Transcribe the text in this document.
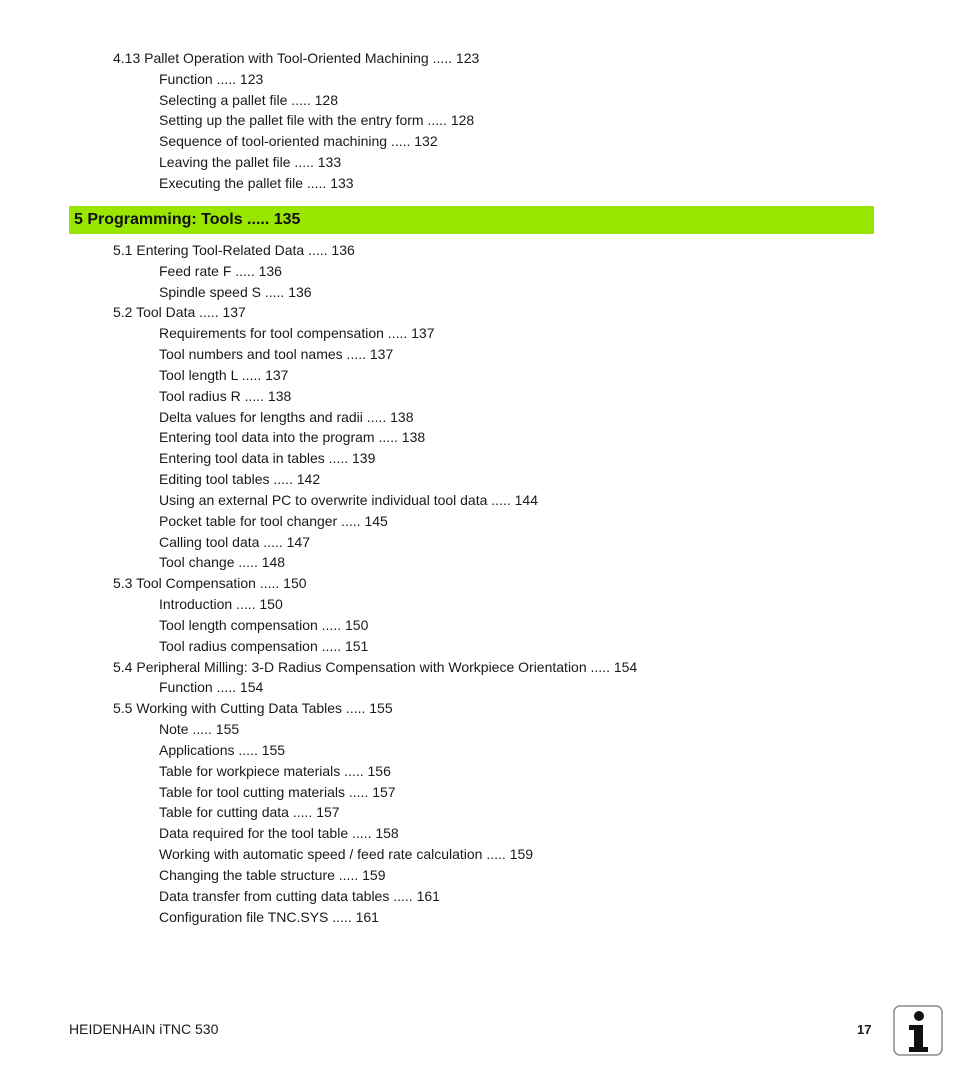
4.13 Pallet Operation with Tool-Oriented Machining ..... 123
Function ..... 123
Selecting a pallet file ..... 128
Setting up the pallet file with the entry form ..... 128
Sequence of tool-oriented machining ..... 132
Leaving the pallet file ..... 133
Executing the pallet file ..... 133
5 Programming: Tools ..... 135
5.1 Entering Tool-Related Data ..... 136
Feed rate F ..... 136
Spindle speed S ..... 136
5.2 Tool Data ..... 137
Requirements for tool compensation ..... 137
Tool numbers and tool names ..... 137
Tool length L ..... 137
Tool radius R ..... 138
Delta values for lengths and radii ..... 138
Entering tool data into the program ..... 138
Entering tool data in tables ..... 139
Editing tool tables ..... 142
Using an external PC to overwrite individual tool data ..... 144
Pocket table for tool changer ..... 145
Calling tool data ..... 147
Tool change ..... 148
5.3 Tool Compensation ..... 150
Introduction ..... 150
Tool length compensation ..... 150
Tool radius compensation ..... 151
5.4 Peripheral Milling: 3-D Radius Compensation with Workpiece Orientation ..... 154
Function ..... 154
5.5 Working with Cutting Data Tables ..... 155
Note ..... 155
Applications ..... 155
Table for workpiece materials ..... 156
Table for tool cutting materials ..... 157
Table for cutting data ..... 157
Data required for the tool table ..... 158
Working with automatic speed / feed rate calculation ..... 159
Changing the table structure ..... 159
Data transfer from cutting data tables ..... 161
Configuration file TNC.SYS ..... 161
HEIDENHAIN iTNC 530	17
